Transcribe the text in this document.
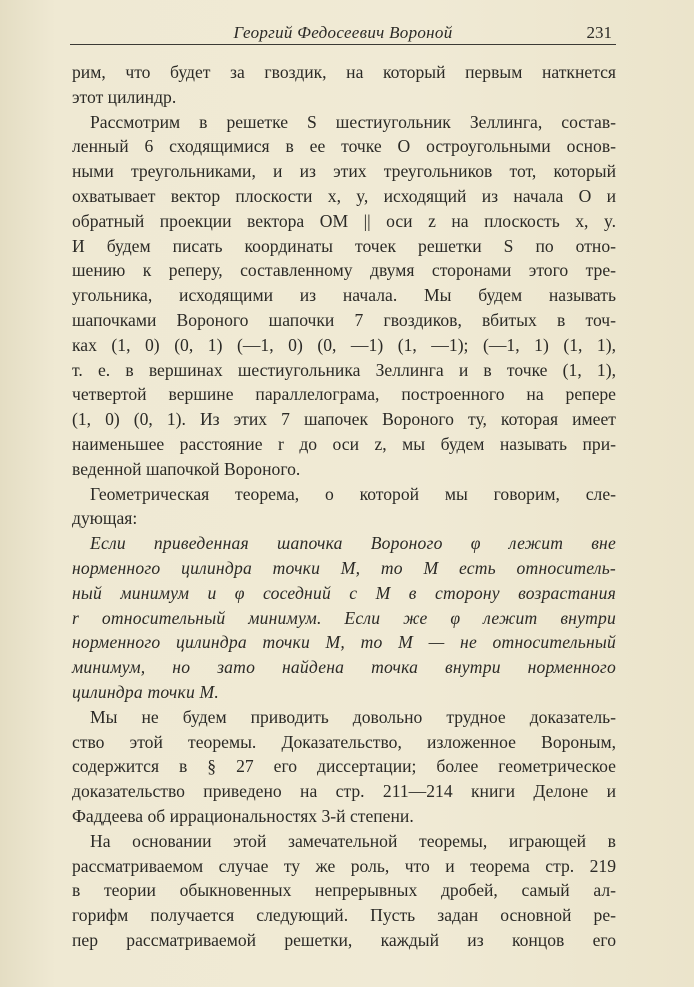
Георгий Федосеевич Вороной	231
рим, что будет за гвоздик, на который первым наткнется
этот цилиндр.
Рассмотрим в решетке S шестиугольник Зеллинга, состав-
ленный 6 сходящимися в ее точке O остроугольными основ-
ными треугольниками, и из этих треугольников тот, который
охватывает вектор плоскости x, y, исходящий из начала O и
обратный проекции вектора OM || оси z на плоскость x, y.
И будем писать координаты точек решетки S по отно-
шению к реперу, составленному двумя сторонами этого тре-
угольника, исходящими из начала. Мы будем называть
шапочками Вороного шапочки 7 гвоздиков, вбитых в точ-
ках (1, 0) (0, 1) (—1, 0) (0, —1) (1, —1); (—1, 1) (1, 1),
т. е. в вершинах шестиугольника Зеллинга и в точке (1, 1),
четвертой вершине параллелограма, построенного на репере
(1, 0) (0, 1). Из этих 7 шапочек Вороного ту, которая имеет
наименьшее расстояние r до оси z, мы будем называть при-
веденной шапочкой Вороного.
Геометрическая теорема, о которой мы говорим, сле-
дующая:
Если приведенная шапочка Вороного φ лежит вне
норменного цилиндра точки M, то M есть относитель-
ный минимум и φ соседний с M в сторону возрастания
r относительный минимум. Если же φ лежит внутри
норменного цилиндра точки M, то M — не относительный
минимум, но зато найдена точка внутри норменного
цилиндра точки M.
Мы не будем приводить довольно трудное доказатель-
ство этой теоремы. Доказательство, изложенное Вороным,
содержится в § 27 его диссертации; более геометрическое
доказательство приведено на стр. 211—214 книги Делоне и
Фаддеева об иррациональностях 3-й степени.
На основании этой замечательной теоремы, играющей в
рассматриваемом случае ту же роль, что и теорема стр. 219
в теории обыкновенных непрерывных дробей, самый ал-
горифм получается следующий. Пусть задан основной ре-
пер рассматриваемой решетки, каждый из концов его
